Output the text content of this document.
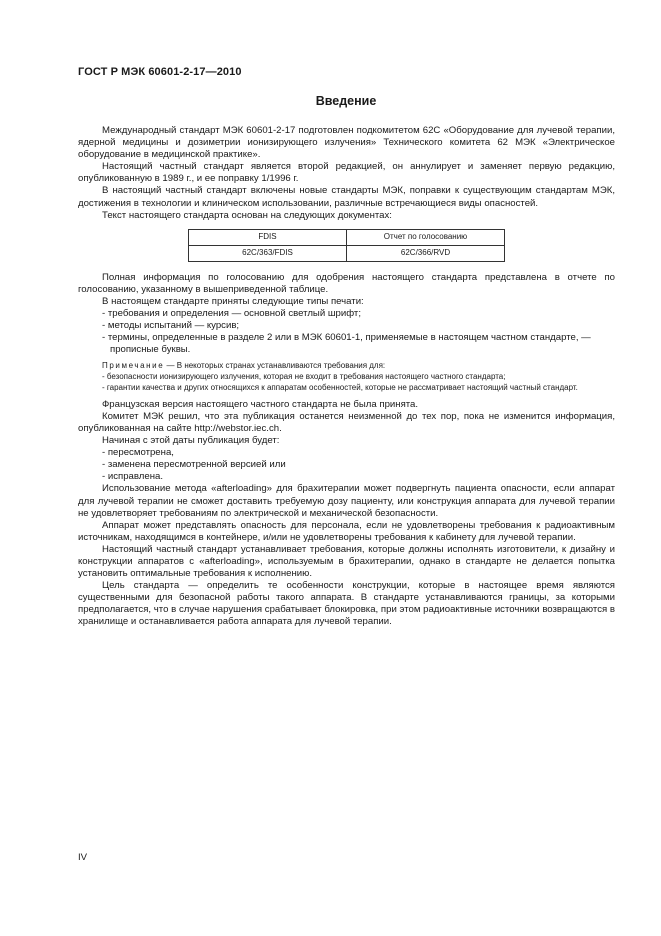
ГОСТ Р МЭК 60601-2-17—2010
Введение

Международный стандарт МЭК 60601-2-17 подготовлен подкомитетом 62С «Оборудование для лучевой терапии, ядерной медицины и дозиметрии ионизирующего излучения» Технического комитета 62 МЭК «Электрическое оборудование в медицинской практике».

Настоящий частный стандарт является второй редакцией, он аннулирует и заменяет первую редакцию, опубликованную в 1989 г., и ее поправку 1/1996 г.

В настоящий частный стандарт включены новые стандарты МЭК, поправки к существующим стандартам МЭК, достижения в технологии и клиническом использовании, различные встречающиеся виды опасностей.

Текст настоящего стандарта основан на следующих документах:

FDIS	Отчет по голосованию
62С/363/FDIS	62С/366/RVD

Полная информация по голосованию для одобрения настоящего стандарта представлена в отчете по голосованию, указанному в вышеприведенной таблице.

В настоящем стандарте приняты следующие типы печати:

- требования и определения — основной светлый шрифт;

- методы испытаний — курсив;

- термины, определенные в разделе 2 или в МЭК 60601-1, применяемые в настоящем частном стандарте, — прописные буквы.

Примечание — В некоторых странах устанавливаются требования для:

- безопасности ионизирующего излучения, которая не входит в требования настоящего частного стандарта;

- гарантии качества и других относящихся к аппаратам особенностей, которые не рассматривает настоящий частный стандарт.

Французская версия настоящего частного стандарта не была принята.

Комитет МЭК решил, что эта публикация останется неизменной до тех пор, пока не изменится информация, опубликованная на сайте http://webstor.iec.ch.

Начиная с этой даты публикация будет:

- пересмотрена,

- заменена пересмотренной версией или

- исправлена.

Использование метода «afterloading» для брахитерапии может подвергнуть пациента опасности, если аппарат для лучевой терапии не сможет доставить требуемую дозу пациенту, или конструкция аппарата для лучевой терапии не удовлетворяет требованиям по электрической и механической безопасности.

Аппарат может представлять опасность для персонала, если не удовлетворены требования к радиоактивным источникам, находящимся в контейнере, и/или не удовлетворены требования к кабинету для лучевой терапии.

Настоящий частный стандарт устанавливает требования, которые должны исполнять изготовители, к дизайну и конструкции аппаратов с «afterloading», используемым в брахитерапии, однако в стандарте не делается попытка установить оптимальные требования к исполнению.

Цель стандарта — определить те особенности конструкции, которые в настоящее время являются существенными для безопасной работы такого аппарата. В стандарте устанавливаются границы, за которыми предполагается, что в случае нарушения срабатывает блокировка, при этом радиоактивные источники возвращаются в хранилище и останавливается работа аппарата для лучевой терапии.

IV
